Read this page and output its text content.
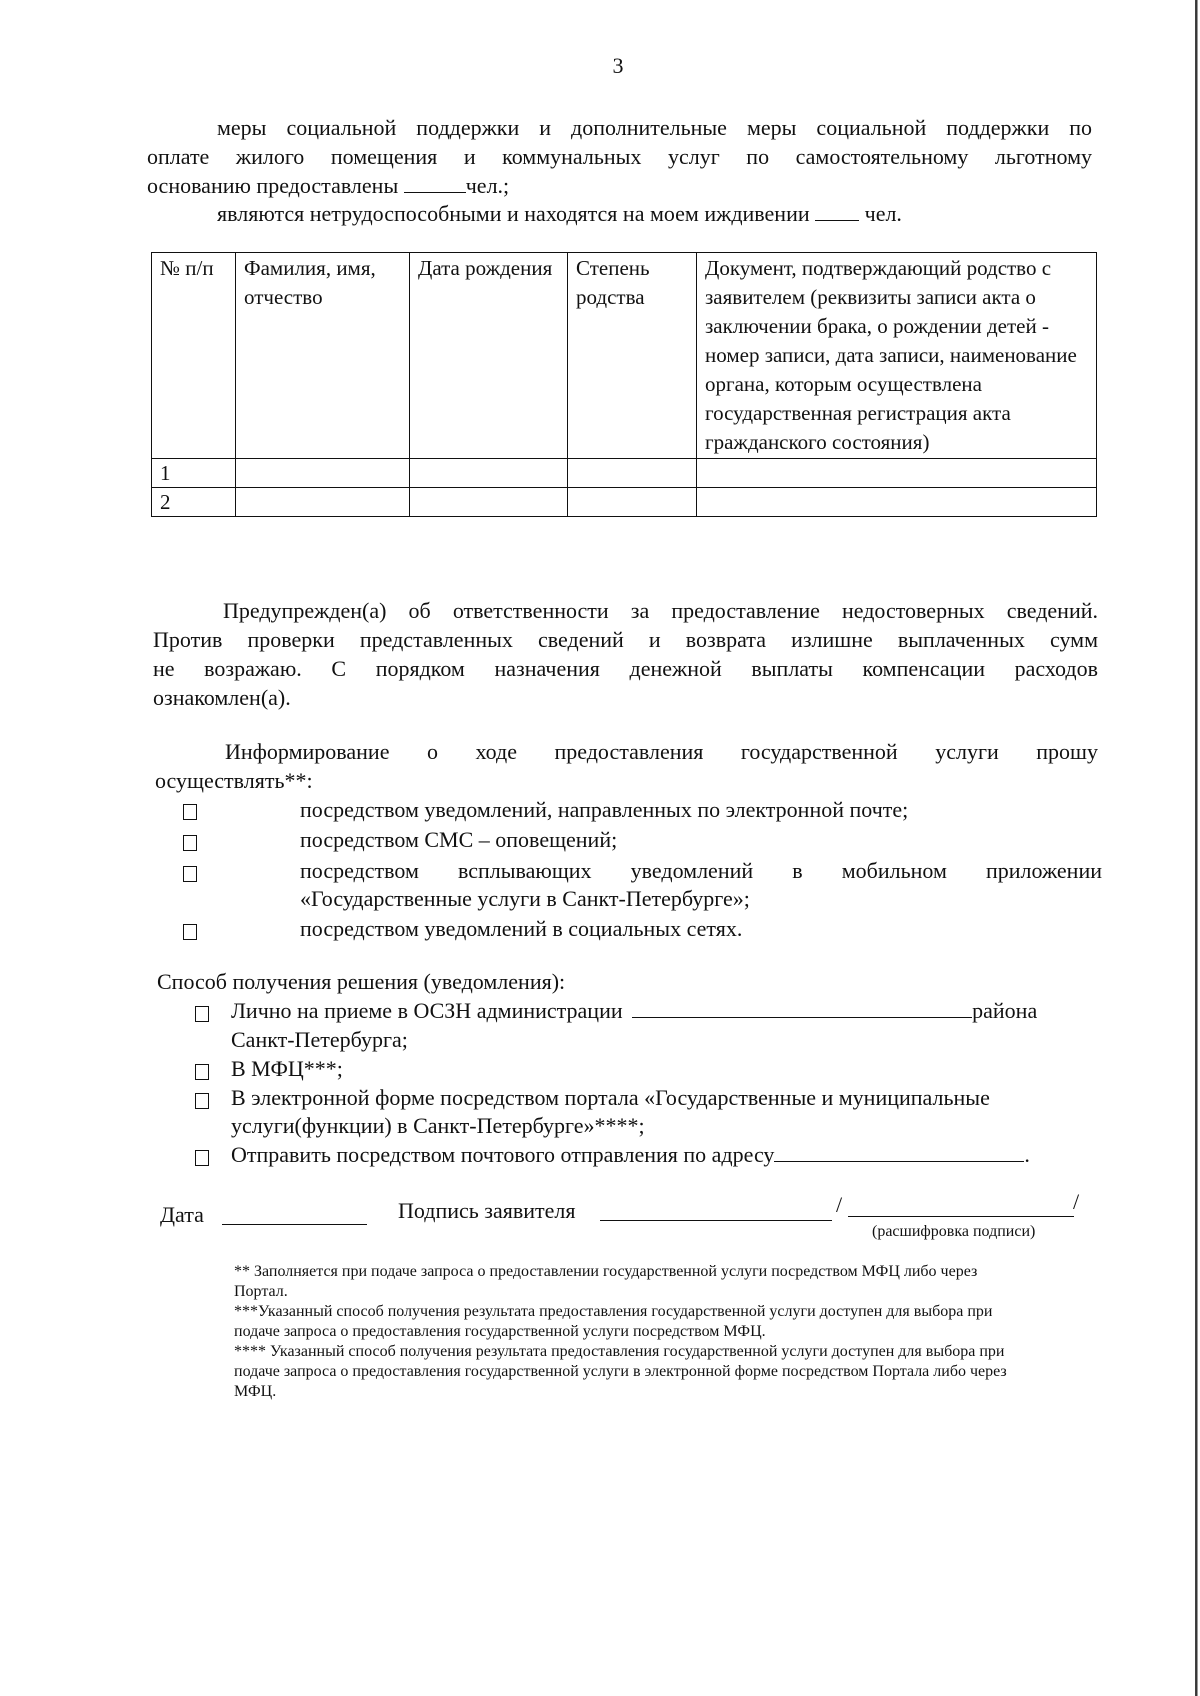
3
меры социальной поддержки и дополнительные меры социальной поддержки по
оплате жилого помещения и коммунальных услуг по самостоятельному льготному
основанию предоставлены	чел.;
являются нетрудоспособными и находятся на моем иждивении	чел.
№ п/п	Фамилия, имя, отчество	Дата рождения	Степень родства	Документ, подтверждающий родство с заявителем (реквизиты записи акта о заключении брака, о рождении детей - номер записи, дата записи, наименование органа, которым осуществлена государственная регистрация акта гражданского состояния)
1				
2				
Предупрежден(а) об ответственности за предоставление недостоверных сведений.
Против проверки представленных сведений и возврата излишне выплаченных сумм
не возражаю. С порядком назначения денежной выплаты компенсации расходов
ознакомлен(а).
Информирование о ходе предоставления государственной услуги прошу
осуществлять**:
посредством уведомлений, направленных по электронной почте;
посредством СМС – оповещений;
посредством всплывающих уведомлений в мобильном приложении
«Государственные услуги в Санкт-Петербурге»;
посредством уведомлений в социальных сетях.
Способ получения решения (уведомления):
Лично на приеме в ОСЗН администрации	района
Санкт-Петербурга;
В МФЦ***;
В электронной форме посредством портала «Государственные и муниципальные
услуги(функции) в Санкт-Петербурге»****;
Отправить посредством почтового отправления по адресу	.
Дата	Подпись заявителя	/	/
(расшифровка подписи)
** Заполняется при подаче запроса о предоставлении государственной услуги посредством МФЦ либо через
Портал.
***Указанный способ получения результата предоставления государственной услуги доступен для выбора при
подаче запроса о предоставления государственной услуги посредством МФЦ.
**** Указанный способ получения результата предоставления государственной услуги доступен для выбора при
подаче запроса о предоставления государственной услуги в электронной форме посредством Портала либо через
МФЦ.
